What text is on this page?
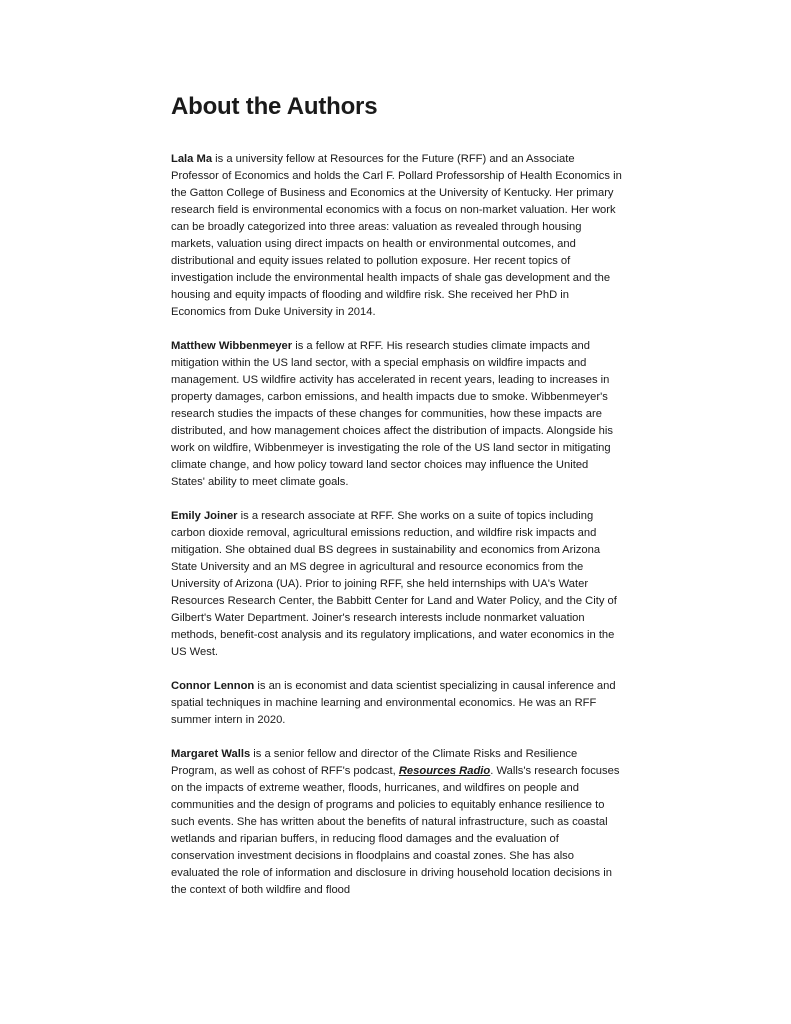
About the Authors

Lala Ma is a university fellow at Resources for the Future (RFF) and an Associate Professor of Economics and holds the Carl F. Pollard Professorship of Health Economics in the Gatton College of Business and Economics at the University of Kentucky. Her primary research field is environmental economics with a focus on non-market valuation. Her work can be broadly categorized into three areas: valuation as revealed through housing markets, valuation using direct impacts on health or environmental outcomes, and distributional and equity issues related to pollution exposure. Her recent topics of investigation include the environmental health impacts of shale gas development and the housing and equity impacts of flooding and wildfire risk. She received her PhD in Economics from Duke University in 2014.

Matthew Wibbenmeyer is a fellow at RFF. His research studies climate impacts and mitigation within the US land sector, with a special emphasis on wildfire impacts and management. US wildfire activity has accelerated in recent years, leading to increases in property damages, carbon emissions, and health impacts due to smoke. Wibbenmeyer's research studies the impacts of these changes for communities, how these impacts are distributed, and how management choices affect the distribution of impacts. Alongside his work on wildfire, Wibbenmeyer is investigating the role of the US land sector in mitigating climate change, and how policy toward land sector choices may influence the United States' ability to meet climate goals.

Emily Joiner is a research associate at RFF. She works on a suite of topics including carbon dioxide removal, agricultural emissions reduction, and wildfire risk impacts and mitigation. She obtained dual BS degrees in sustainability and economics from Arizona State University and an MS degree in agricultural and resource economics from the University of Arizona (UA). Prior to joining RFF, she held internships with UA's Water Resources Research Center, the Babbitt Center for Land and Water Policy, and the City of Gilbert's Water Department. Joiner's research interests include nonmarket valuation methods, benefit-cost analysis and its regulatory implications, and water economics in the US West.

Connor Lennon is an is economist and data scientist specializing in causal inference and spatial techniques in machine learning and environmental economics. He was an RFF summer intern in 2020.

Margaret Walls is a senior fellow and director of the Climate Risks and Resilience Program, as well as cohost of RFF's podcast, Resources Radio. Walls's research focuses on the impacts of extreme weather, floods, hurricanes, and wildfires on people and communities and the design of programs and policies to equitably enhance resilience to such events. She has written about the benefits of natural infrastructure, such as coastal wetlands and riparian buffers, in reducing flood damages and the evaluation of conservation investment decisions in floodplains and coastal zones. She has also evaluated the role of information and disclosure in driving household location decisions in the context of both wildfire and flood
